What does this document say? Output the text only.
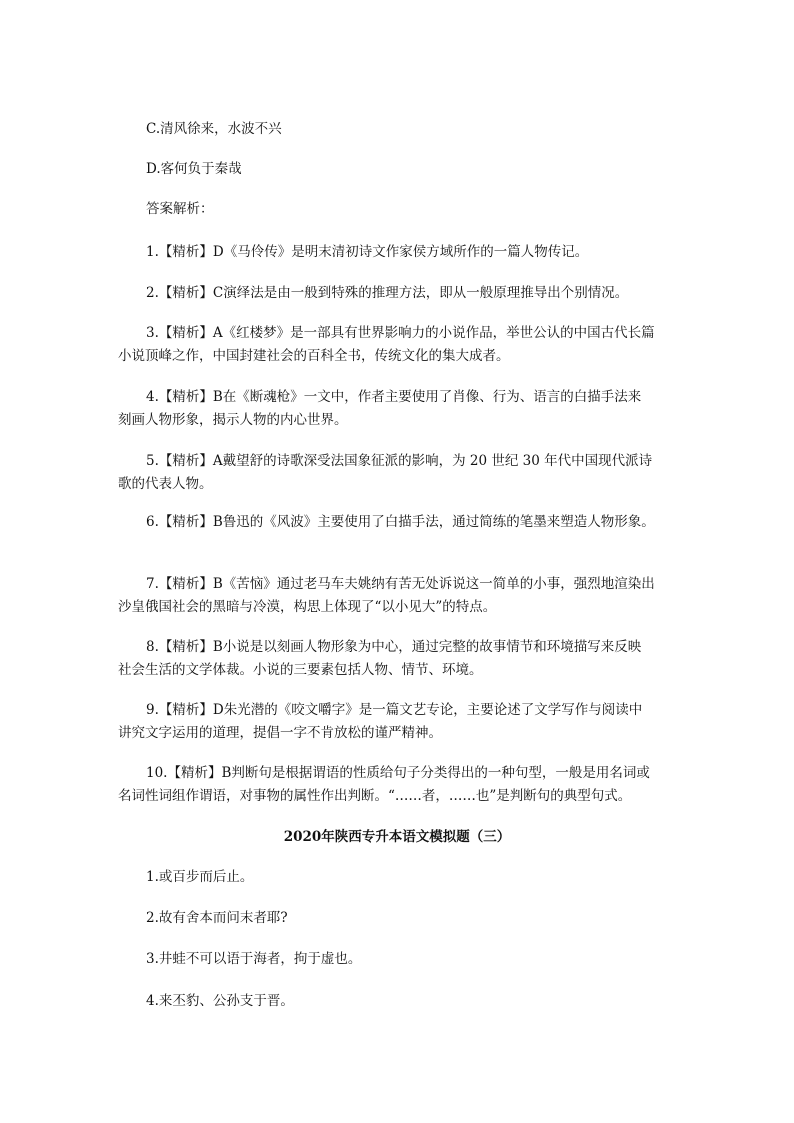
C.清风徐来，水波不兴

D.客何负于秦哉

答案解析：

1.【精析】D《马伶传》是明末清初诗文作家侯方域所作的一篇人物传记。

2.【精析】C演绎法是由一般到特殊的推理方法，即从一般原理推导出个别情况。

3.【精析】A《红楼梦》是一部具有世界影响力的小说作品，举世公认的中国古代长篇
小说顶峰之作，中国封建社会的百科全书，传统文化的集大成者。

4.【精析】B在《断魂枪》一文中，作者主要使用了肖像、行为、语言的白描手法来
刻画人物形象，揭示人物的内心世界。

5.【精析】A戴望舒的诗歌深受法国象征派的影响，为 20 世纪 30 年代中国现代派诗
歌的代表人物。

6.【精析】B鲁迅的《风波》主要使用了白描手法，通过简练的笔墨来塑造人物形象。

7.【精析】B《苦恼》通过老马车夫姚纳有苦无处诉说这一简单的小事，强烈地渲染出
沙皇俄国社会的黑暗与冷漠，构思上体现了“以小见大”的特点。

8.【精析】B小说是以刻画人物形象为中心，通过完整的故事情节和环境描写来反映
社会生活的文学体裁。小说的三要素包括人物、情节、环境。

9.【精析】D朱光潜的《咬文嚼字》是一篇文艺专论，主要论述了文学写作与阅读中
讲究文字运用的道理，提倡一字不肯放松的谨严精神。

10.【精析】B判断句是根据谓语的性质给句子分类得出的一种句型，一般是用名词或
名词性词组作谓语，对事物的属性作出判断。“……者，……也”是判断句的典型句式。

2020年陕西专升本语文模拟题（三）

1.或百步而后止。

2.故有舍本而问末者耶?

3.井蛙不可以语于海者，拘于虚也。

4.来丕豹、公孙支于晋。
